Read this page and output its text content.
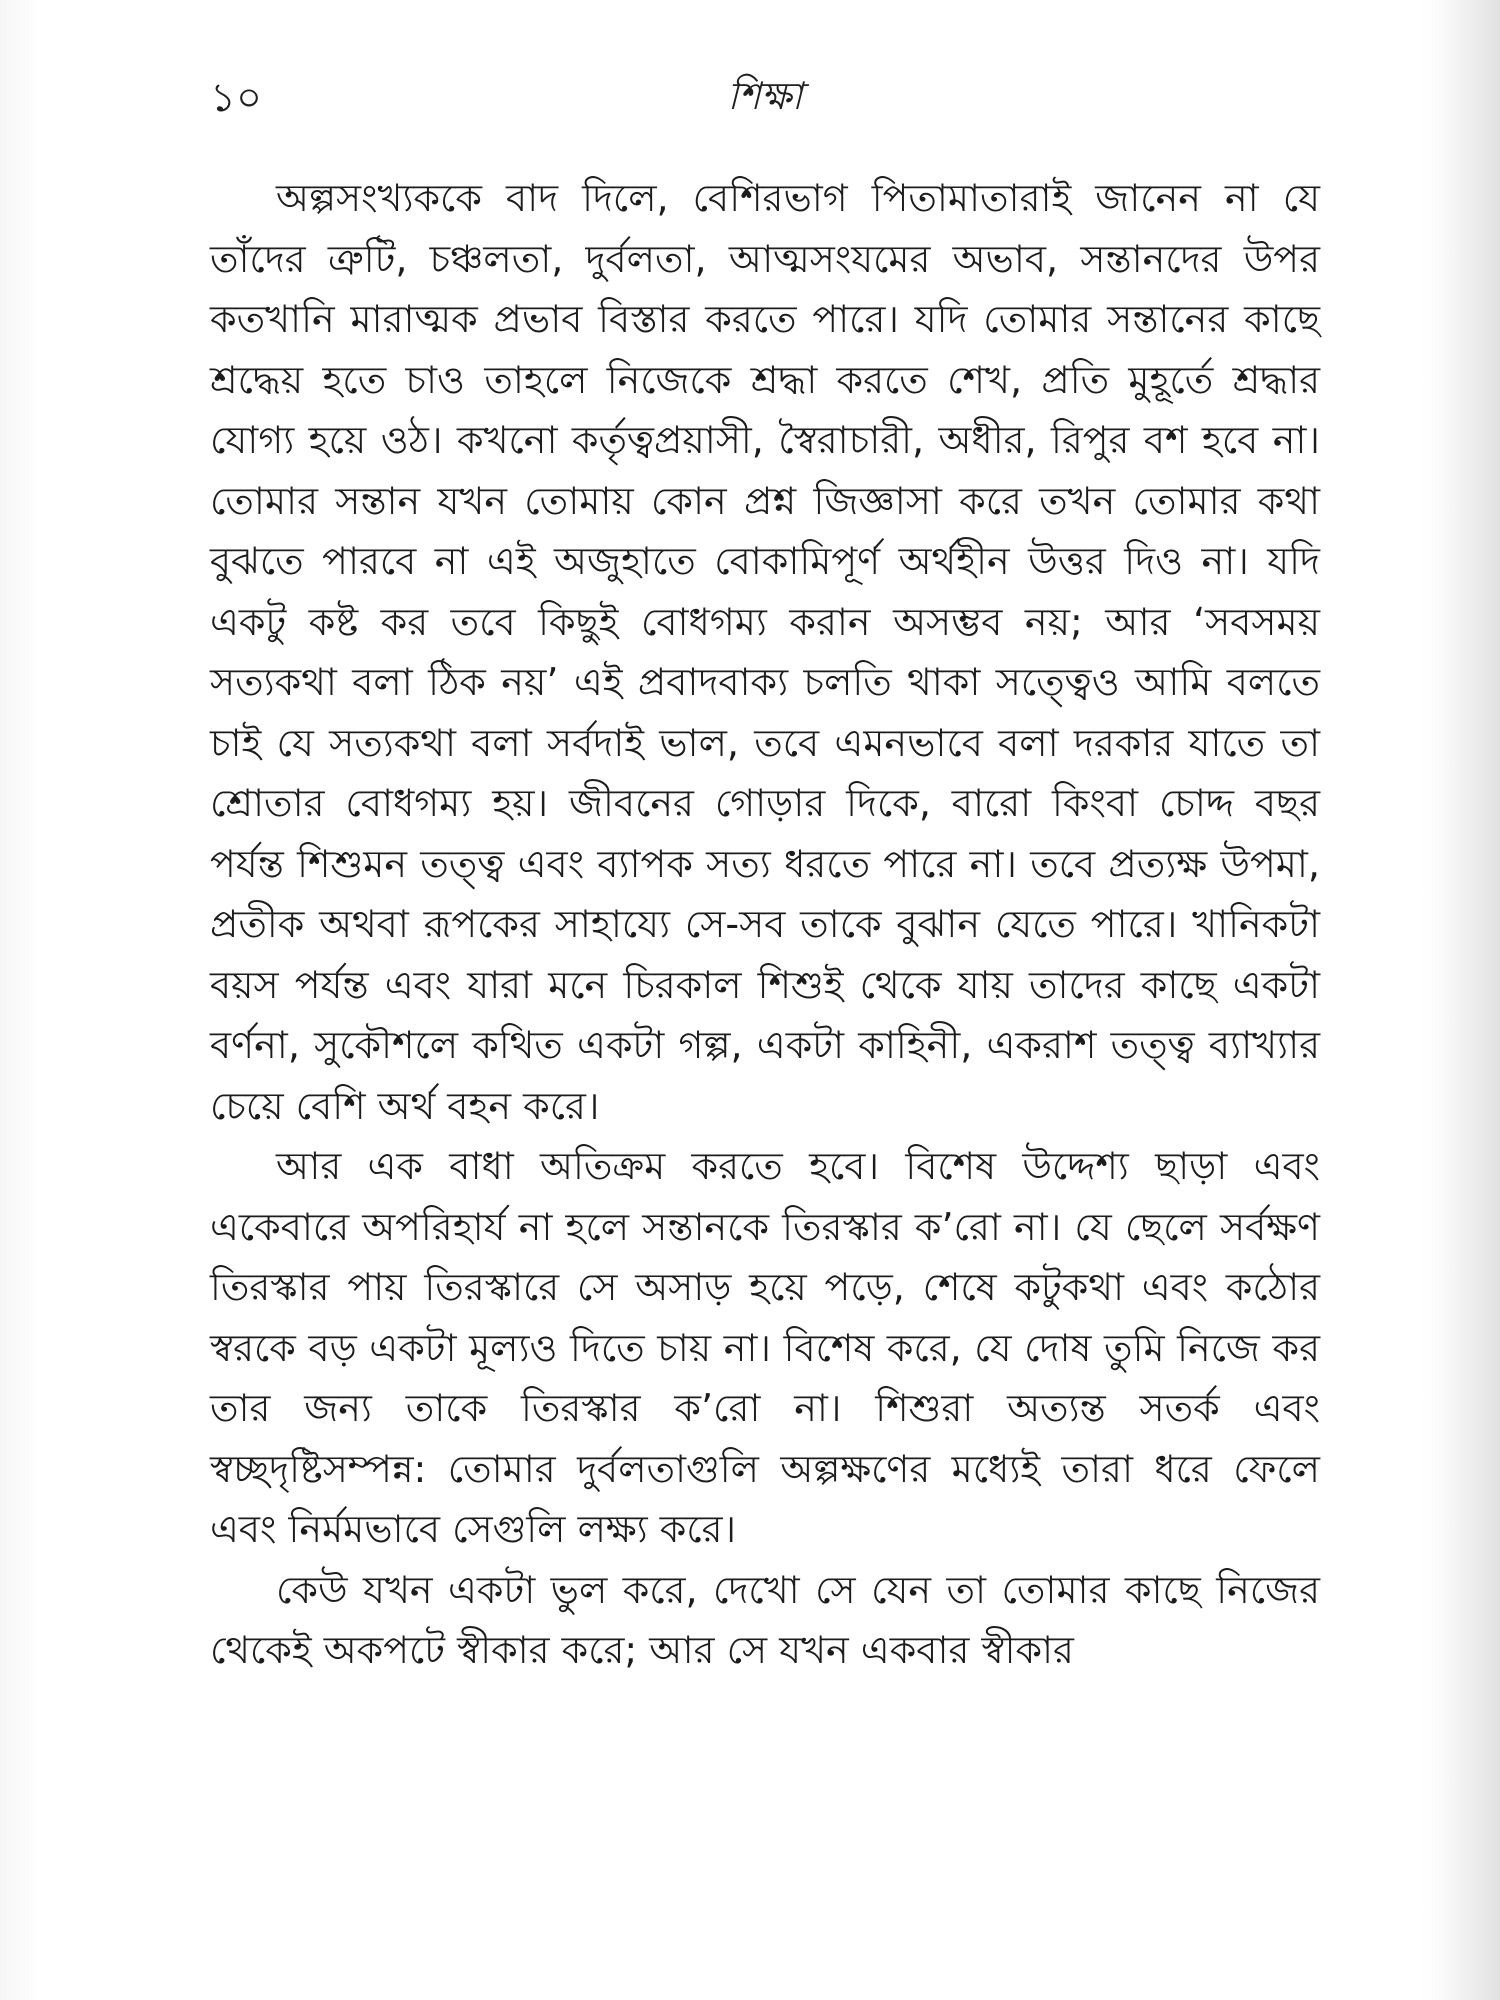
১০	শিক্ষা

অল্পসংখ্যককে বাদ দিলে, বেশিরভাগ পিতামাতারাই জানেন না যে তাঁদের ত্রুটি, চঞ্চলতা, দুর্বলতা, আত্মসংযমের অভাব, সন্তানদের উপর কতখানি মারাত্মক প্রভাব বিস্তার করতে পারে। যদি তোমার সন্তানের কাছে শ্রদ্ধেয় হতে চাও তাহলে নিজেকে শ্রদ্ধা করতে শেখ, প্রতি মুহূর্তে শ্রদ্ধার যোগ্য হয়ে ওঠ। কখনো কর্তৃত্বপ্রয়াসী, স্বৈরাচারী, অধীর, রিপুর বশ হবে না। তোমার সন্তান যখন তোমায় কোন প্রশ্ন জিজ্ঞাসা করে তখন তোমার কথা বুঝতে পারবে না এই অজুহাতে বোকামিপূর্ণ অর্থহীন উত্তর দিও না। যদি একটু কষ্ট কর তবে কিছুই বোধগম্য করান অসম্ভব নয়; আর ‘সবসময় সত্যকথা বলা ঠিক নয়’ এই প্রবাদবাক্য চলতি থাকা সত্ত্বেও আমি বলতে চাই যে সত্যকথা বলা সর্বদাই ভাল, তবে এমনভাবে বলা দরকার যাতে তা শ্রোতার বোধগম্য হয়। জীবনের গোড়ার দিকে, বারো কিংবা চোদ্দ বছর পর্যন্ত শিশুমন তত্ত্ব এবং ব্যাপক সত্য ধরতে পারে না। তবে প্রত্যক্ষ উপমা, প্রতীক অথবা রূপকের সাহায্যে সে-সব তাকে বুঝান যেতে পারে। খানিকটা বয়স পর্যন্ত এবং যারা মনে চিরকাল শিশুই থেকে যায় তাদের কাছে একটা বর্ণনা, সুকৌশলে কথিত একটা গল্প, একটা কাহিনী, একরাশ তত্ত্ব ব্যাখ্যার চেয়ে বেশি অর্থ বহন করে।

আর এক বাধা অতিক্রম করতে হবে। বিশেষ উদ্দেশ্য ছাড়া এবং একেবারে অপরিহার্য না হলে সন্তানকে তিরস্কার ক’রো না। যে ছেলে সর্বক্ষণ তিরস্কার পায় তিরস্কারে সে অসাড় হয়ে পড়ে, শেষে কটুকথা এবং কঠোর স্বরকে বড় একটা মূল্যও দিতে চায় না। বিশেষ করে, যে দোষ তুমি নিজে কর তার জন্য তাকে তিরস্কার ক’রো না। শিশুরা অত্যন্ত সতর্ক এবং স্বচ্ছদৃষ্টিসম্পন্ন: তোমার দুর্বলতাগুলি অল্পক্ষণের মধ্যেই তারা ধরে ফেলে এবং নির্মমভাবে সেগুলি লক্ষ্য করে।

কেউ যখন একটা ভুল করে, দেখো সে যেন তা তোমার কাছে নিজের থেকেই অকপটে স্বীকার করে; আর সে যখন একবার স্বীকার
